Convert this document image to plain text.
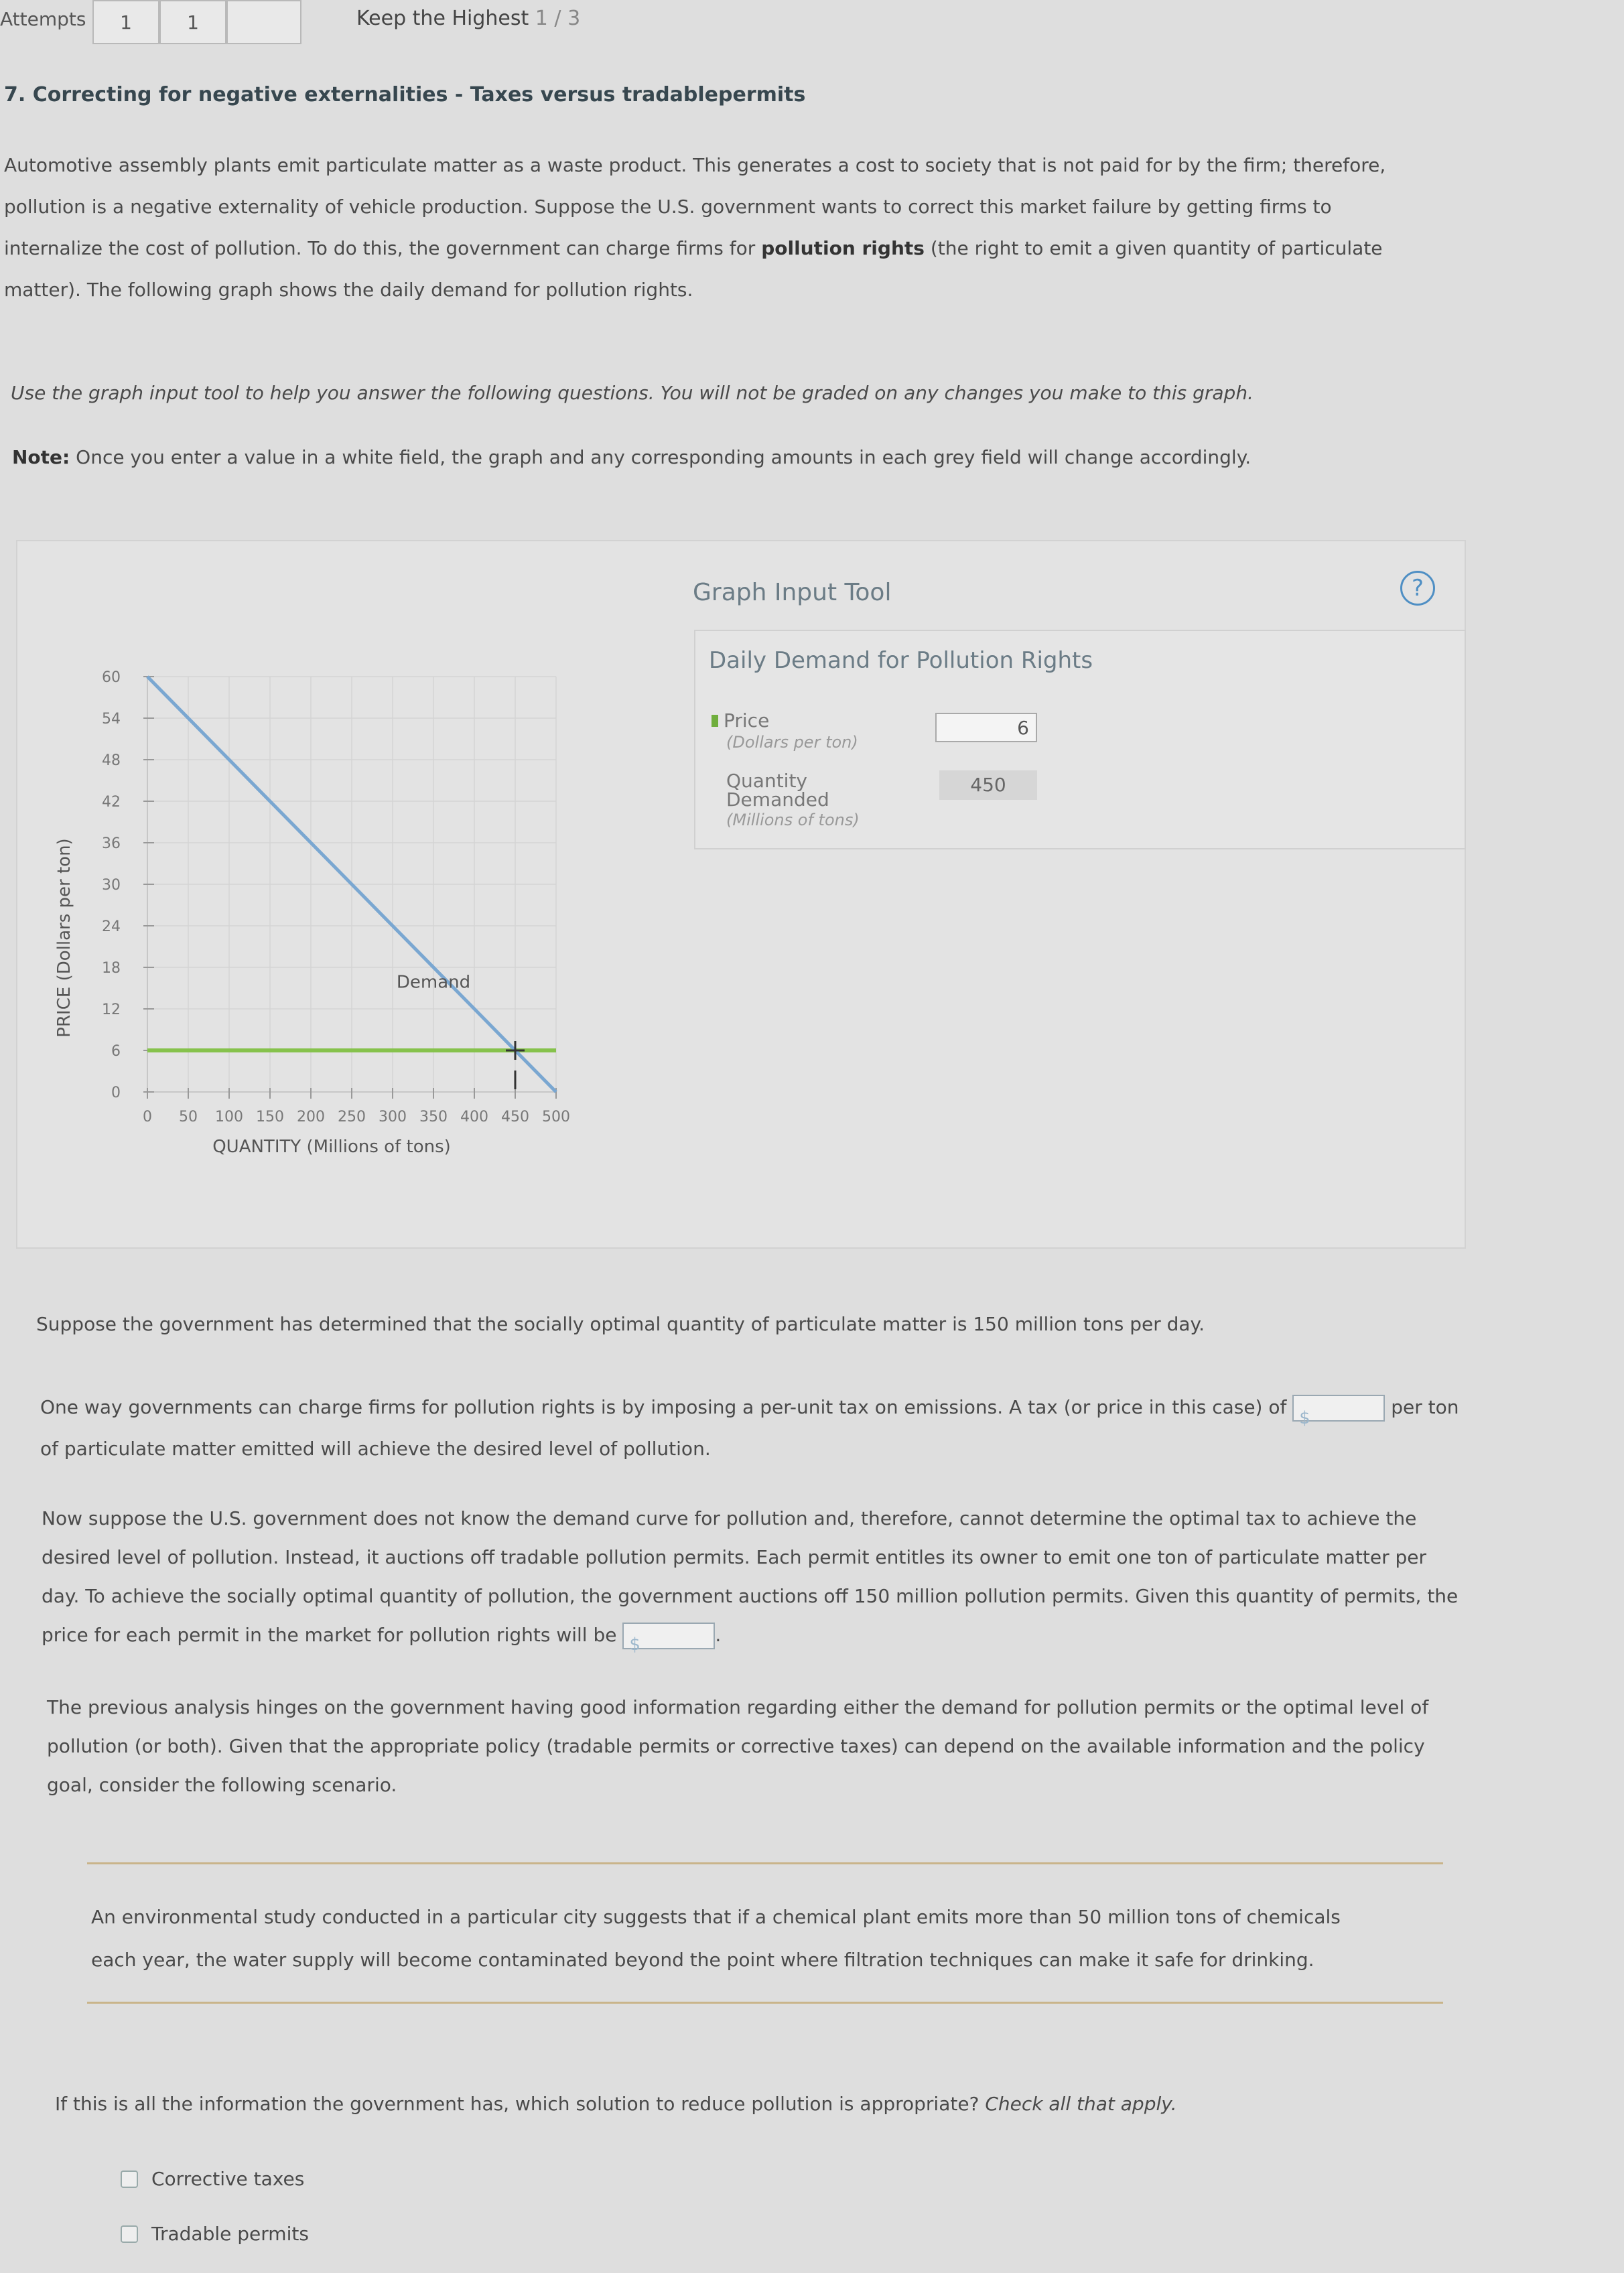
Attempts	1	1	Keep the Highest 1 / 3
7. Correcting for negative externalities - Taxes versus tradablepermits
Automotive assembly plants emit particulate matter as a waste product. This generates a cost to society that is not paid for by the firm; therefore,
pollution is a negative externality of vehicle production. Suppose the U.S. government wants to correct this market failure by getting firms to
internalize the cost of pollution. To do this, the government can charge firms for pollution rights (the right to emit a given quantity of particulate
matter). The following graph shows the daily demand for pollution rights.
Use the graph input tool to help you answer the following questions. You will not be graded on any changes you make to this graph.
Note: Once you enter a value in a white field, the graph and any corresponding amounts in each grey field will change accordingly.
0
6
12
18
24
30
36
42
48
54
60
0 50 100 150 200 250 300 350 400 450 500
Demand
QUANTITY (Millions of tons)
PRICE (Dollars per ton)
Graph Input Tool	?
Daily Demand for Pollution Rights
Price
(Dollars per ton)
6
Quantity
Demanded
(Millions of tons)
450
Suppose the government has determined that the socially optimal quantity of particulate matter is 150 million tons per day.
One way governments can charge firms for pollution rights is by imposing a per-unit tax on emissions. A tax (or price in this case) of $	per ton
of particulate matter emitted will achieve the desired level of pollution.
Now suppose the U.S. government does not know the demand curve for pollution and, therefore, cannot determine the optimal tax to achieve the
desired level of pollution. Instead, it auctions off tradable pollution permits. Each permit entitles its owner to emit one ton of particulate matter per
day. To achieve the socially optimal quantity of pollution, the government auctions off 150 million pollution permits. Given this quantity of permits, the
price for each permit in the market for pollution rights will be $	.
The previous analysis hinges on the government having good information regarding either the demand for pollution permits or the optimal level of
pollution (or both). Given that the appropriate policy (tradable permits or corrective taxes) can depend on the available information and the policy
goal, consider the following scenario.
An environmental study conducted in a particular city suggests that if a chemical plant emits more than 50 million tons of chemicals
each year, the water supply will become contaminated beyond the point where filtration techniques can make it safe for drinking.
If this is all the information the government has, which solution to reduce pollution is appropriate? Check all that apply.
Corrective taxes
Tradable permits
